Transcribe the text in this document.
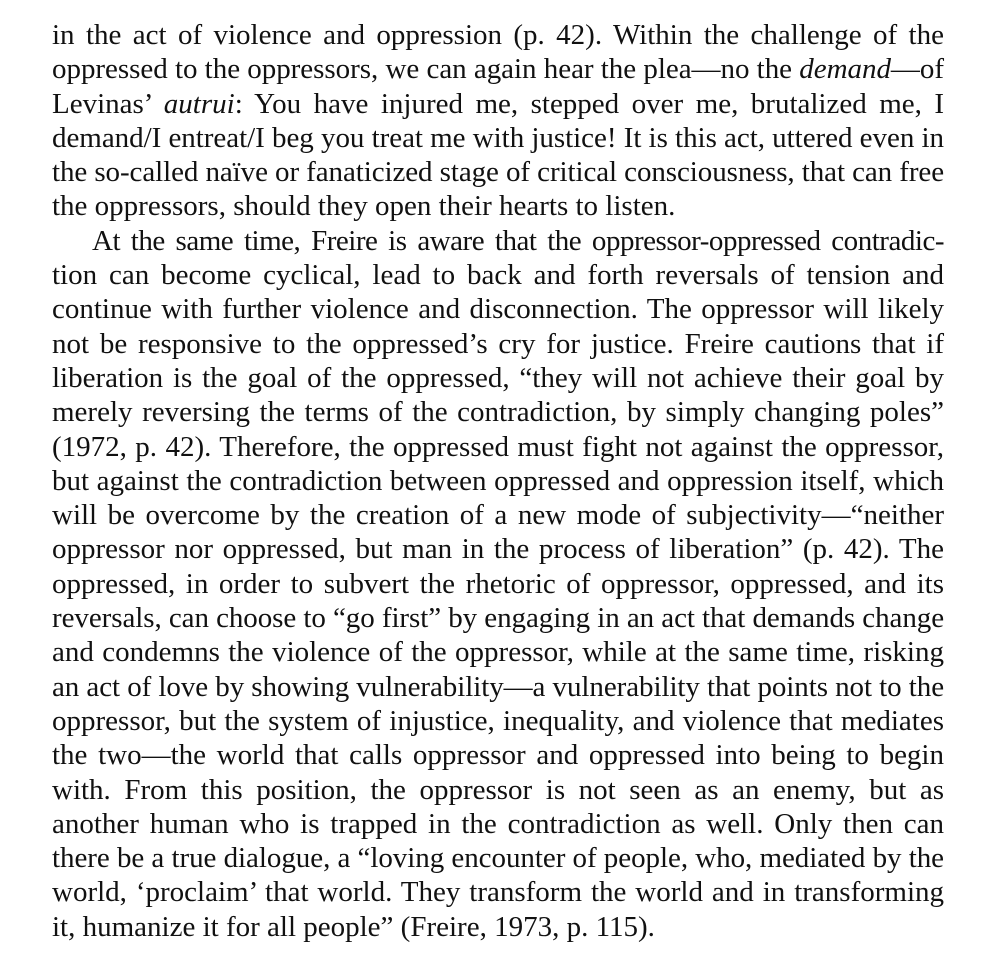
in the act of violence and oppression (p. 42). Within the challenge of the
oppressed to the oppressors, we can again hear the plea—no the demand—of
Levinas’ autrui: You have injured me, stepped over me, brutalized me, I
demand/I entreat/I beg you treat me with justice! It is this act, uttered even in
the so-called naïve or fanaticized stage of critical consciousness, that can free
the oppressors, should they open their hearts to listen.
At the same time, Freire is aware that the oppressor-oppressed contradic-
tion can become cyclical, lead to back and forth reversals of tension and
continue with further violence and disconnection. The oppressor will likely
not be responsive to the oppressed’s cry for justice. Freire cautions that if
liberation is the goal of the oppressed, “they will not achieve their goal by
merely reversing the terms of the contradiction, by simply changing poles”
(1972, p. 42). Therefore, the oppressed must fight not against the oppressor,
but against the contradiction between oppressed and oppression itself, which
will be overcome by the creation of a new mode of subjectivity—“neither
oppressor nor oppressed, but man in the process of liberation” (p. 42). The
oppressed, in order to subvert the rhetoric of oppressor, oppressed, and its
reversals, can choose to “go first” by engaging in an act that demands change
and condemns the violence of the oppressor, while at the same time, risking
an act of love by showing vulnerability—a vulnerability that points not to the
oppressor, but the system of injustice, inequality, and violence that mediates
the two—the world that calls oppressor and oppressed into being to begin
with. From this position, the oppressor is not seen as an enemy, but as
another human who is trapped in the contradiction as well. Only then can
there be a true dialogue, a “loving encounter of people, who, mediated by the
world, ‘proclaim’ that world. They transform the world and in transforming
it, humanize it for all people” (Freire, 1973, p. 115).
